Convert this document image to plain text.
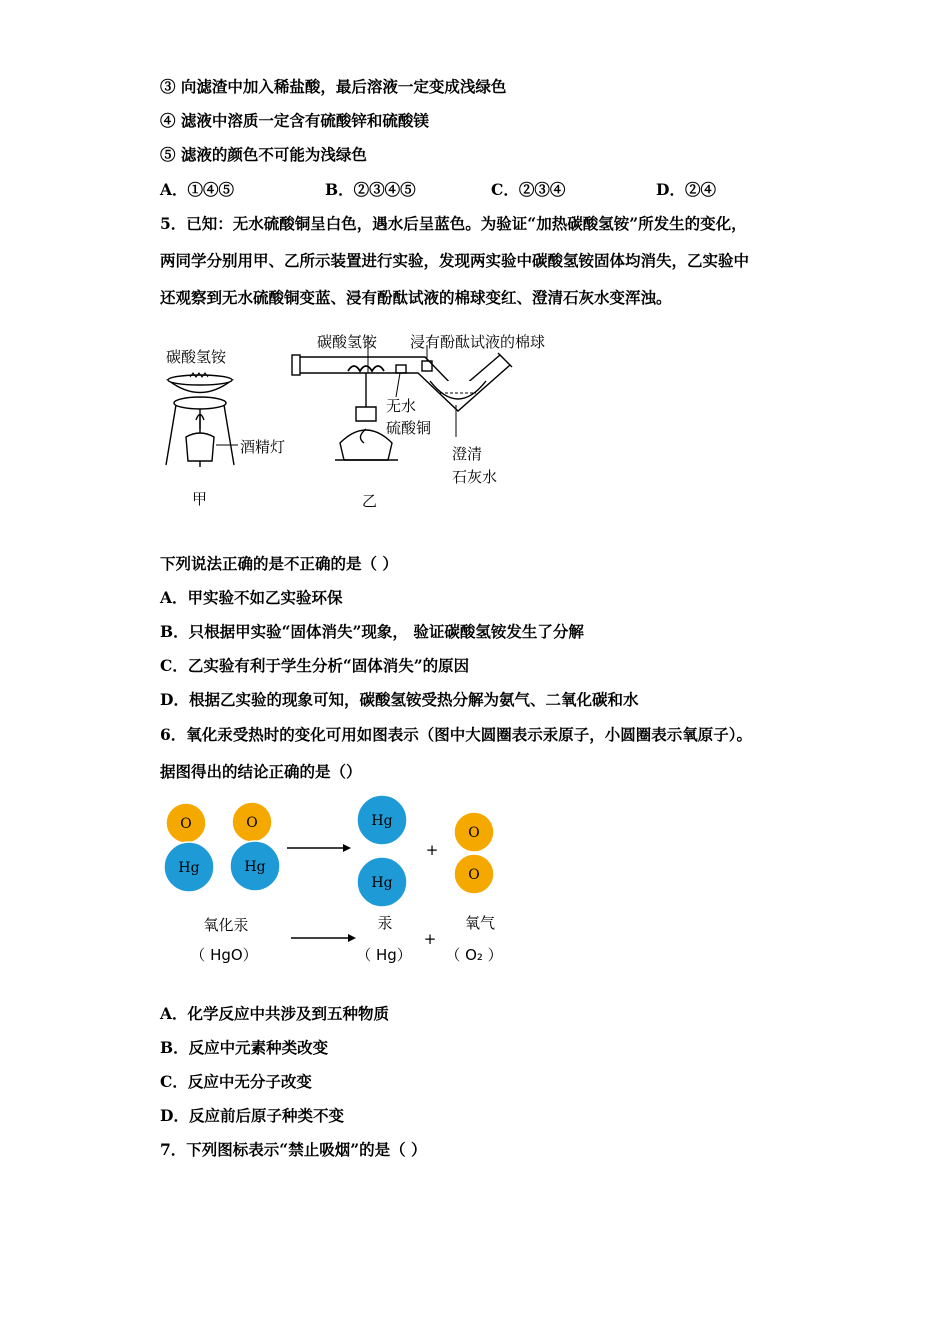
③ 向滤渣中加入稀盐酸，最后溶液一定变成浅绿色
④ 滤液中溶质一定含有硫酸锌和硫酸镁
⑤ 滤液的颜色不可能为浅绿色
A．①④⑤	B．②③④⑤	C．②③④	D．②④
5．已知：无水硫酸铜呈白色，遇水后呈蓝色。为验证“加热碳酸氢铵”所发生的变化，
两同学分别用甲、乙所示装置进行实验，发现两实验中碳酸氢铵固体均消失，乙实验中
还观察到无水硫酸铜变蓝、浸有酚酞试液的棉球变红、澄清石灰水变浑浊。
碳酸氢铵
酒精灯
甲
碳酸氢铵 浸有酚酞试液的棉球
无水
硫酸铜
澄清
石灰水
乙
下列说法正确的是不正确的是（ ）
A．甲实验不如乙实验环保
B．只根据甲实验“固体消失”现象， 验证碳酸氢铵发生了分解
C．乙实验有利于学生分析“固体消失”的原因
D．根据乙实验的现象可知，碳酸氢铵受热分解为氨气、二氧化碳和水
6．氧化汞受热时的变化可用如图表示（图中大圆圈表示汞原子，小圆圈表示氧原子）。
据图得出的结论正确的是（）
O
Hg
O
Hg
Hg
Hg
+
O
O
氧化汞	汞	氧气
（ HgO）	（ Hg）
+
（ O₂ ）
A．化学反应中共涉及到五种物质
B．反应中元素种类改变
C．反应中无分子改变
D．反应前后原子种类不变
7．下列图标表示“禁止吸烟”的是（ ）
